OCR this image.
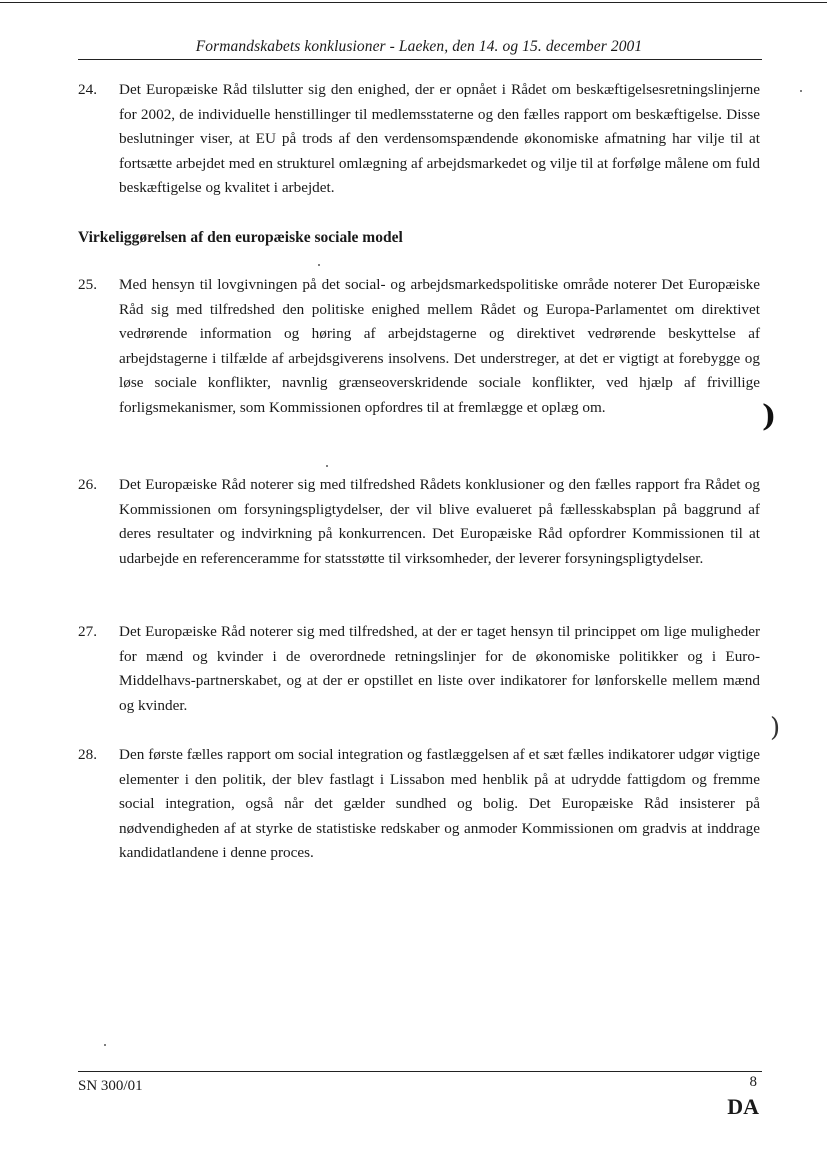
Formandskabets konklusioner - Laeken, den 14. og 15. december 2001
24.	Det Europæiske Råd tilslutter sig den enighed, der er opnået i Rådet om beskæftigelsesretningslinjerne for 2002, de individuelle henstillinger til medlemsstaterne og den fælles rapport om beskæftigelse. Disse beslutninger viser, at EU på trods af den verdensomspændende økonomiske afmatning har vilje til at fortsætte arbejdet med en strukturel omlægning af arbejdsmarkedet og vilje til at forfølge målene om fuld beskæftigelse og kvalitet i arbejdet.
Virkeliggørelsen af den europæiske sociale model
25.	Med hensyn til lovgivningen på det social- og arbejdsmarkedspolitiske område noterer Det Europæiske Råd sig med tilfredshed den politiske enighed mellem Rådet og Europa-Parlamentet om direktivet vedrørende information og høring af arbejdstagerne og direktivet vedrørende beskyttelse af arbejdstagerne i tilfælde af arbejdsgiverens insolvens. Det understreger, at det er vigtigt at forebygge og løse sociale konflikter, navnlig grænseoverskridende sociale konflikter, ved hjælp af frivillige forligsmekanismer, som Kommissionen opfordres til at fremlægge et oplæg om.
26.	Det Europæiske Råd noterer sig med tilfredshed Rådets konklusioner og den fælles rapport fra Rådet og Kommissionen om forsyningspligtydelser, der vil blive evalueret på fællesskabsplan på baggrund af deres resultater og indvirkning på konkurrencen. Det Europæiske Råd opfordrer Kommissionen til at udarbejde en referenceramme for statsstøtte til virksomheder, der leverer forsyningspligtydelser.
27.	Det Europæiske Råd noterer sig med tilfredshed, at der er taget hensyn til princippet om lige muligheder for mænd og kvinder i de overordnede retningslinjer for de økonomiske politikker og i Euro-Middelhavs-partnerskabet, og at der er opstillet en liste over indikatorer for lønforskelle mellem mænd og kvinder.
28.	Den første fælles rapport om social integration og fastlæggelsen af et sæt fælles indikatorer udgør vigtige elementer i den politik, der blev fastlagt i Lissabon med henblik på at udrydde fattigdom og fremme social integration, også når det gælder sundhed og bolig. Det Europæiske Råd insisterer på nødvendigheden af at styrke de statistiske redskaber og anmoder Kommissionen om gradvis at inddrage kandidatlandene i denne proces.
)
)
SN 300/01	8
DA
